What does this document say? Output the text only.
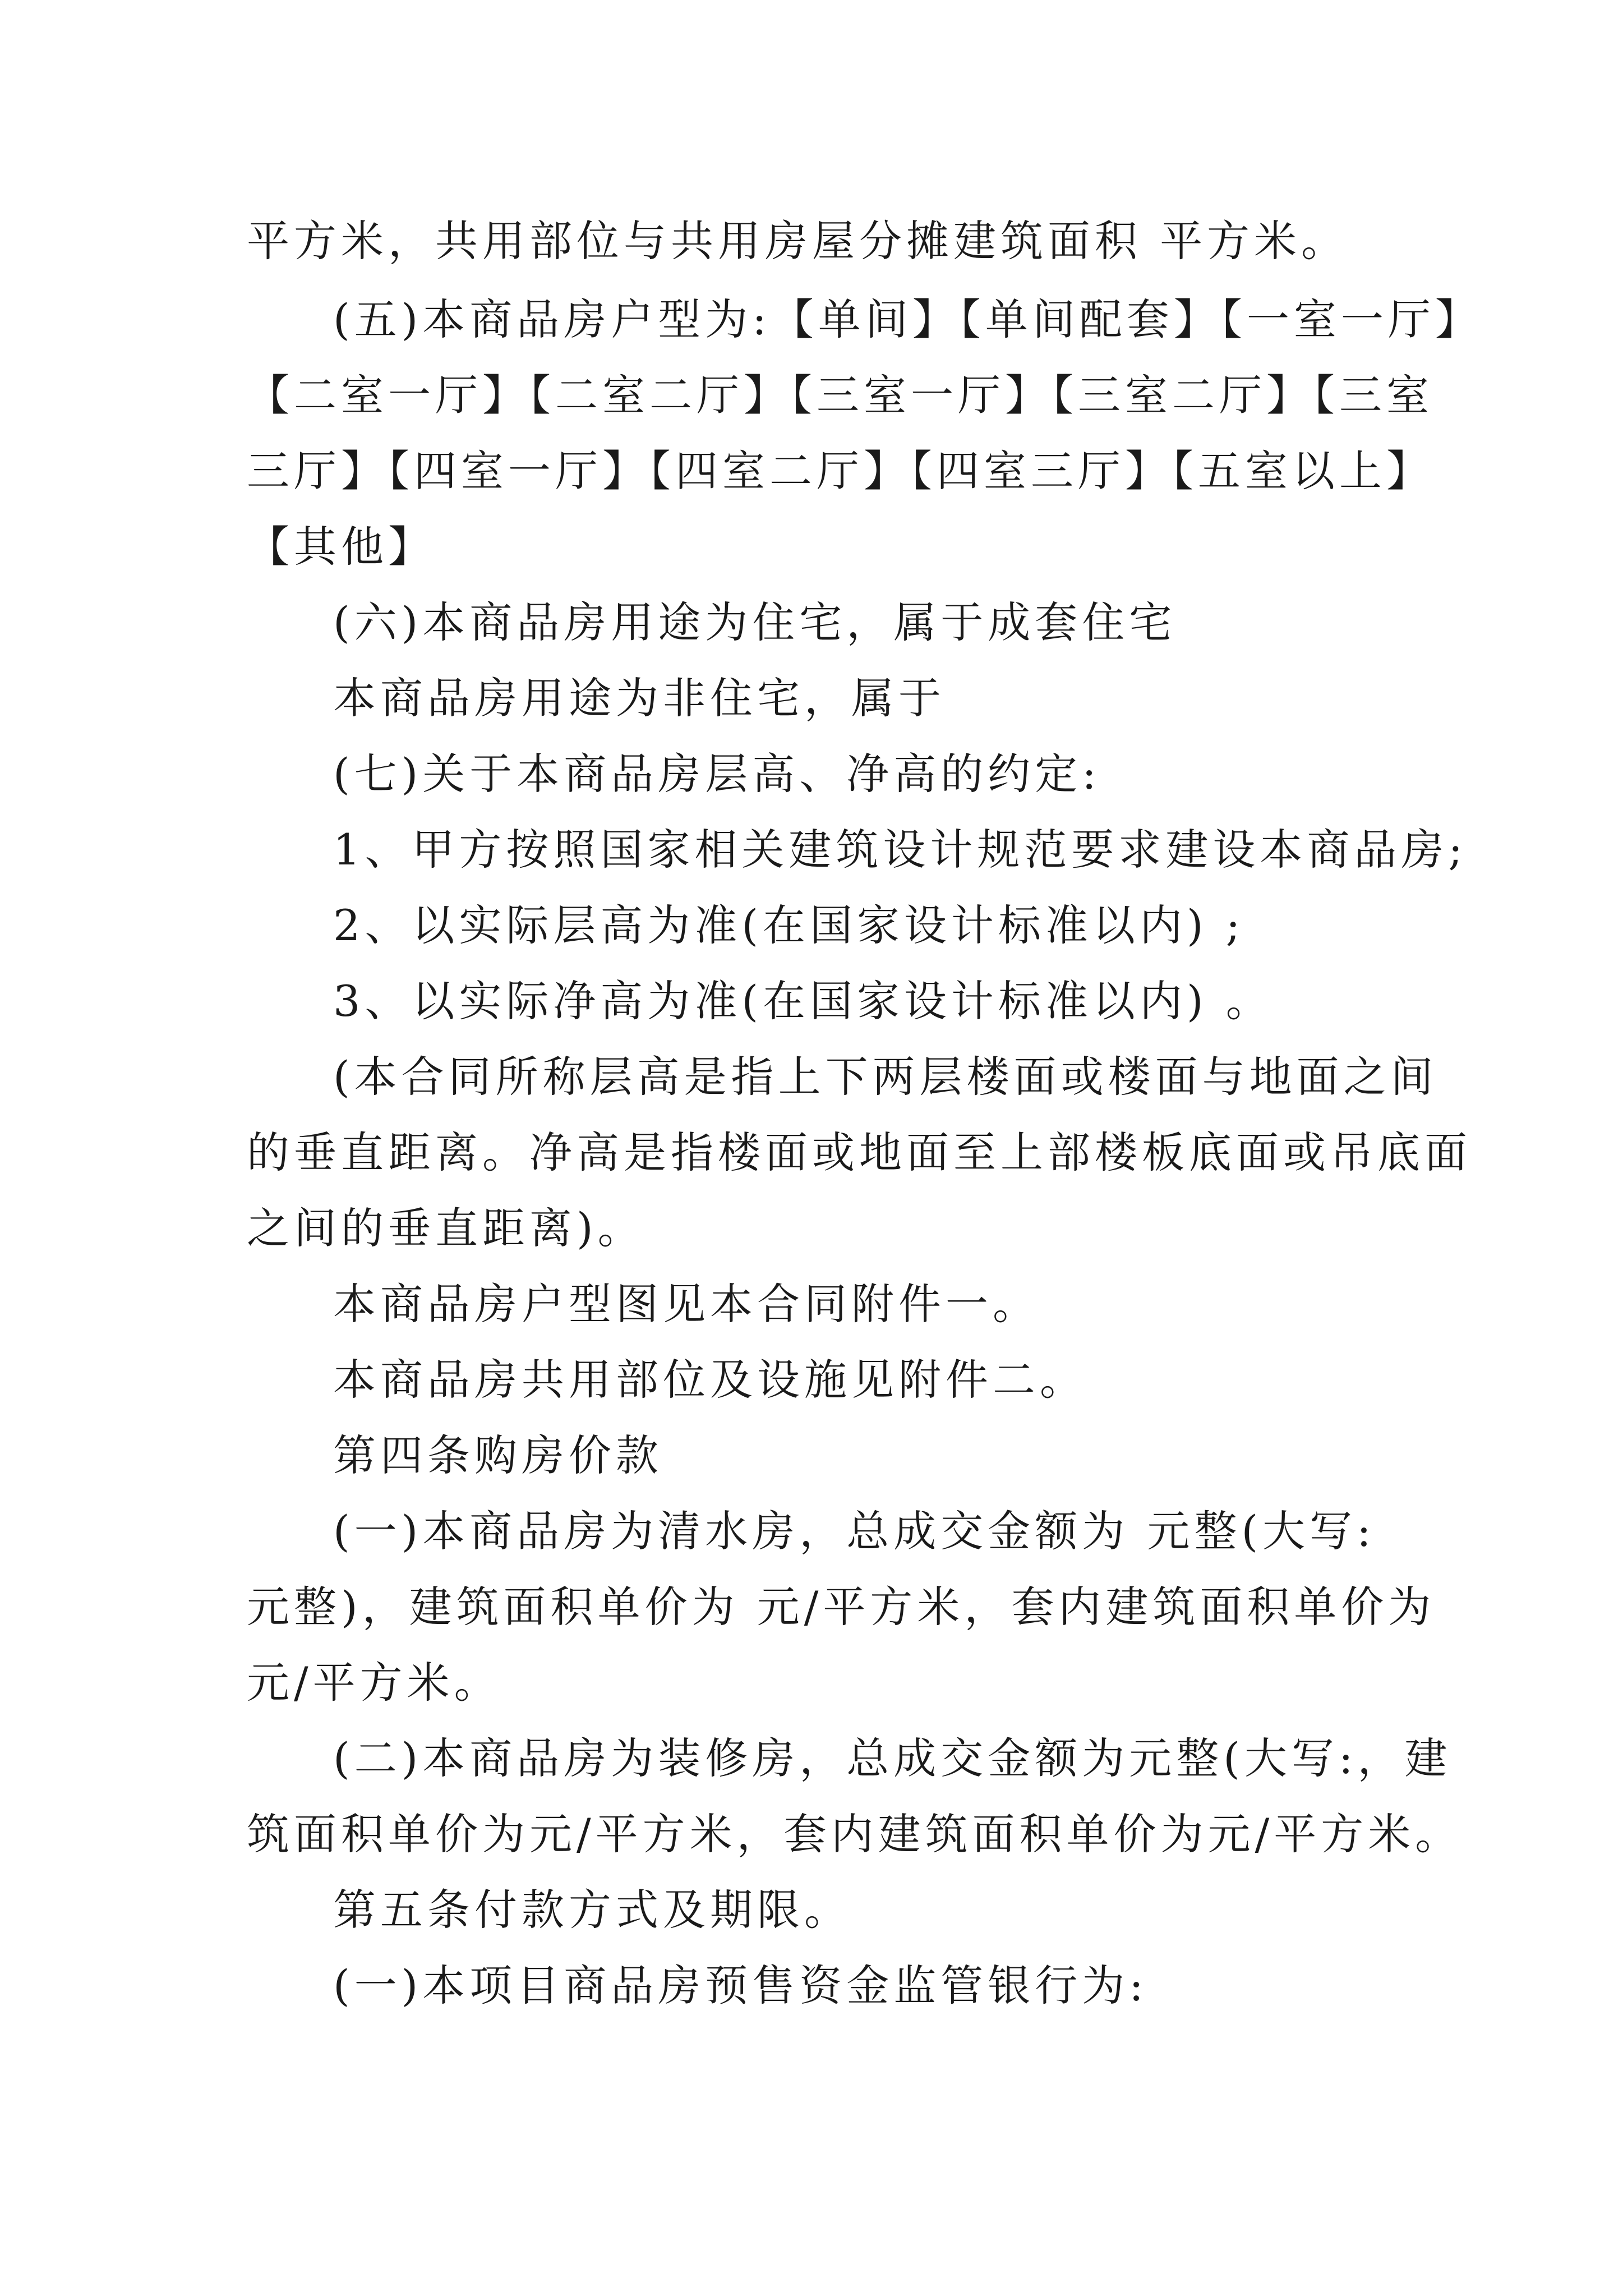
平方米，共用部位与共用房屋分摊建筑面积 平方米。

(五)本商品房户型为:【单间】【单间配套】【一室一厅】

【二室一厅】【二室二厅】【三室一厅】【三室二厅】【三室

三厅】【四室一厅】【四室二厅】【四室三厅】【五室以上】

【其他】

(六)本商品房用途为住宅，属于成套住宅

本商品房用途为非住宅，属于

(七)关于本商品房层高、净高的约定:

1、甲方按照国家相关建筑设计规范要求建设本商品房;

2、以实际层高为准(在国家设计标准以内) ;

3、以实际净高为准(在国家设计标准以内) 。

(本合同所称层高是指上下两层楼面或楼面与地面之间

的垂直距离。净高是指楼面或地面至上部楼板底面或吊底面

之间的垂直距离)。

本商品房户型图见本合同附件一。

本商品房共用部位及设施见附件二。

第四条购房价款

(一)本商品房为清水房，总成交金额为 元整(大写:

元整)，建筑面积单价为 元/平方米，套内建筑面积单价为

元/平方米。

(二)本商品房为装修房，总成交金额为元整(大写:，建

筑面积单价为元/平方米，套内建筑面积单价为元/平方米。

第五条付款方式及期限。

(一)本项目商品房预售资金监管银行为:
